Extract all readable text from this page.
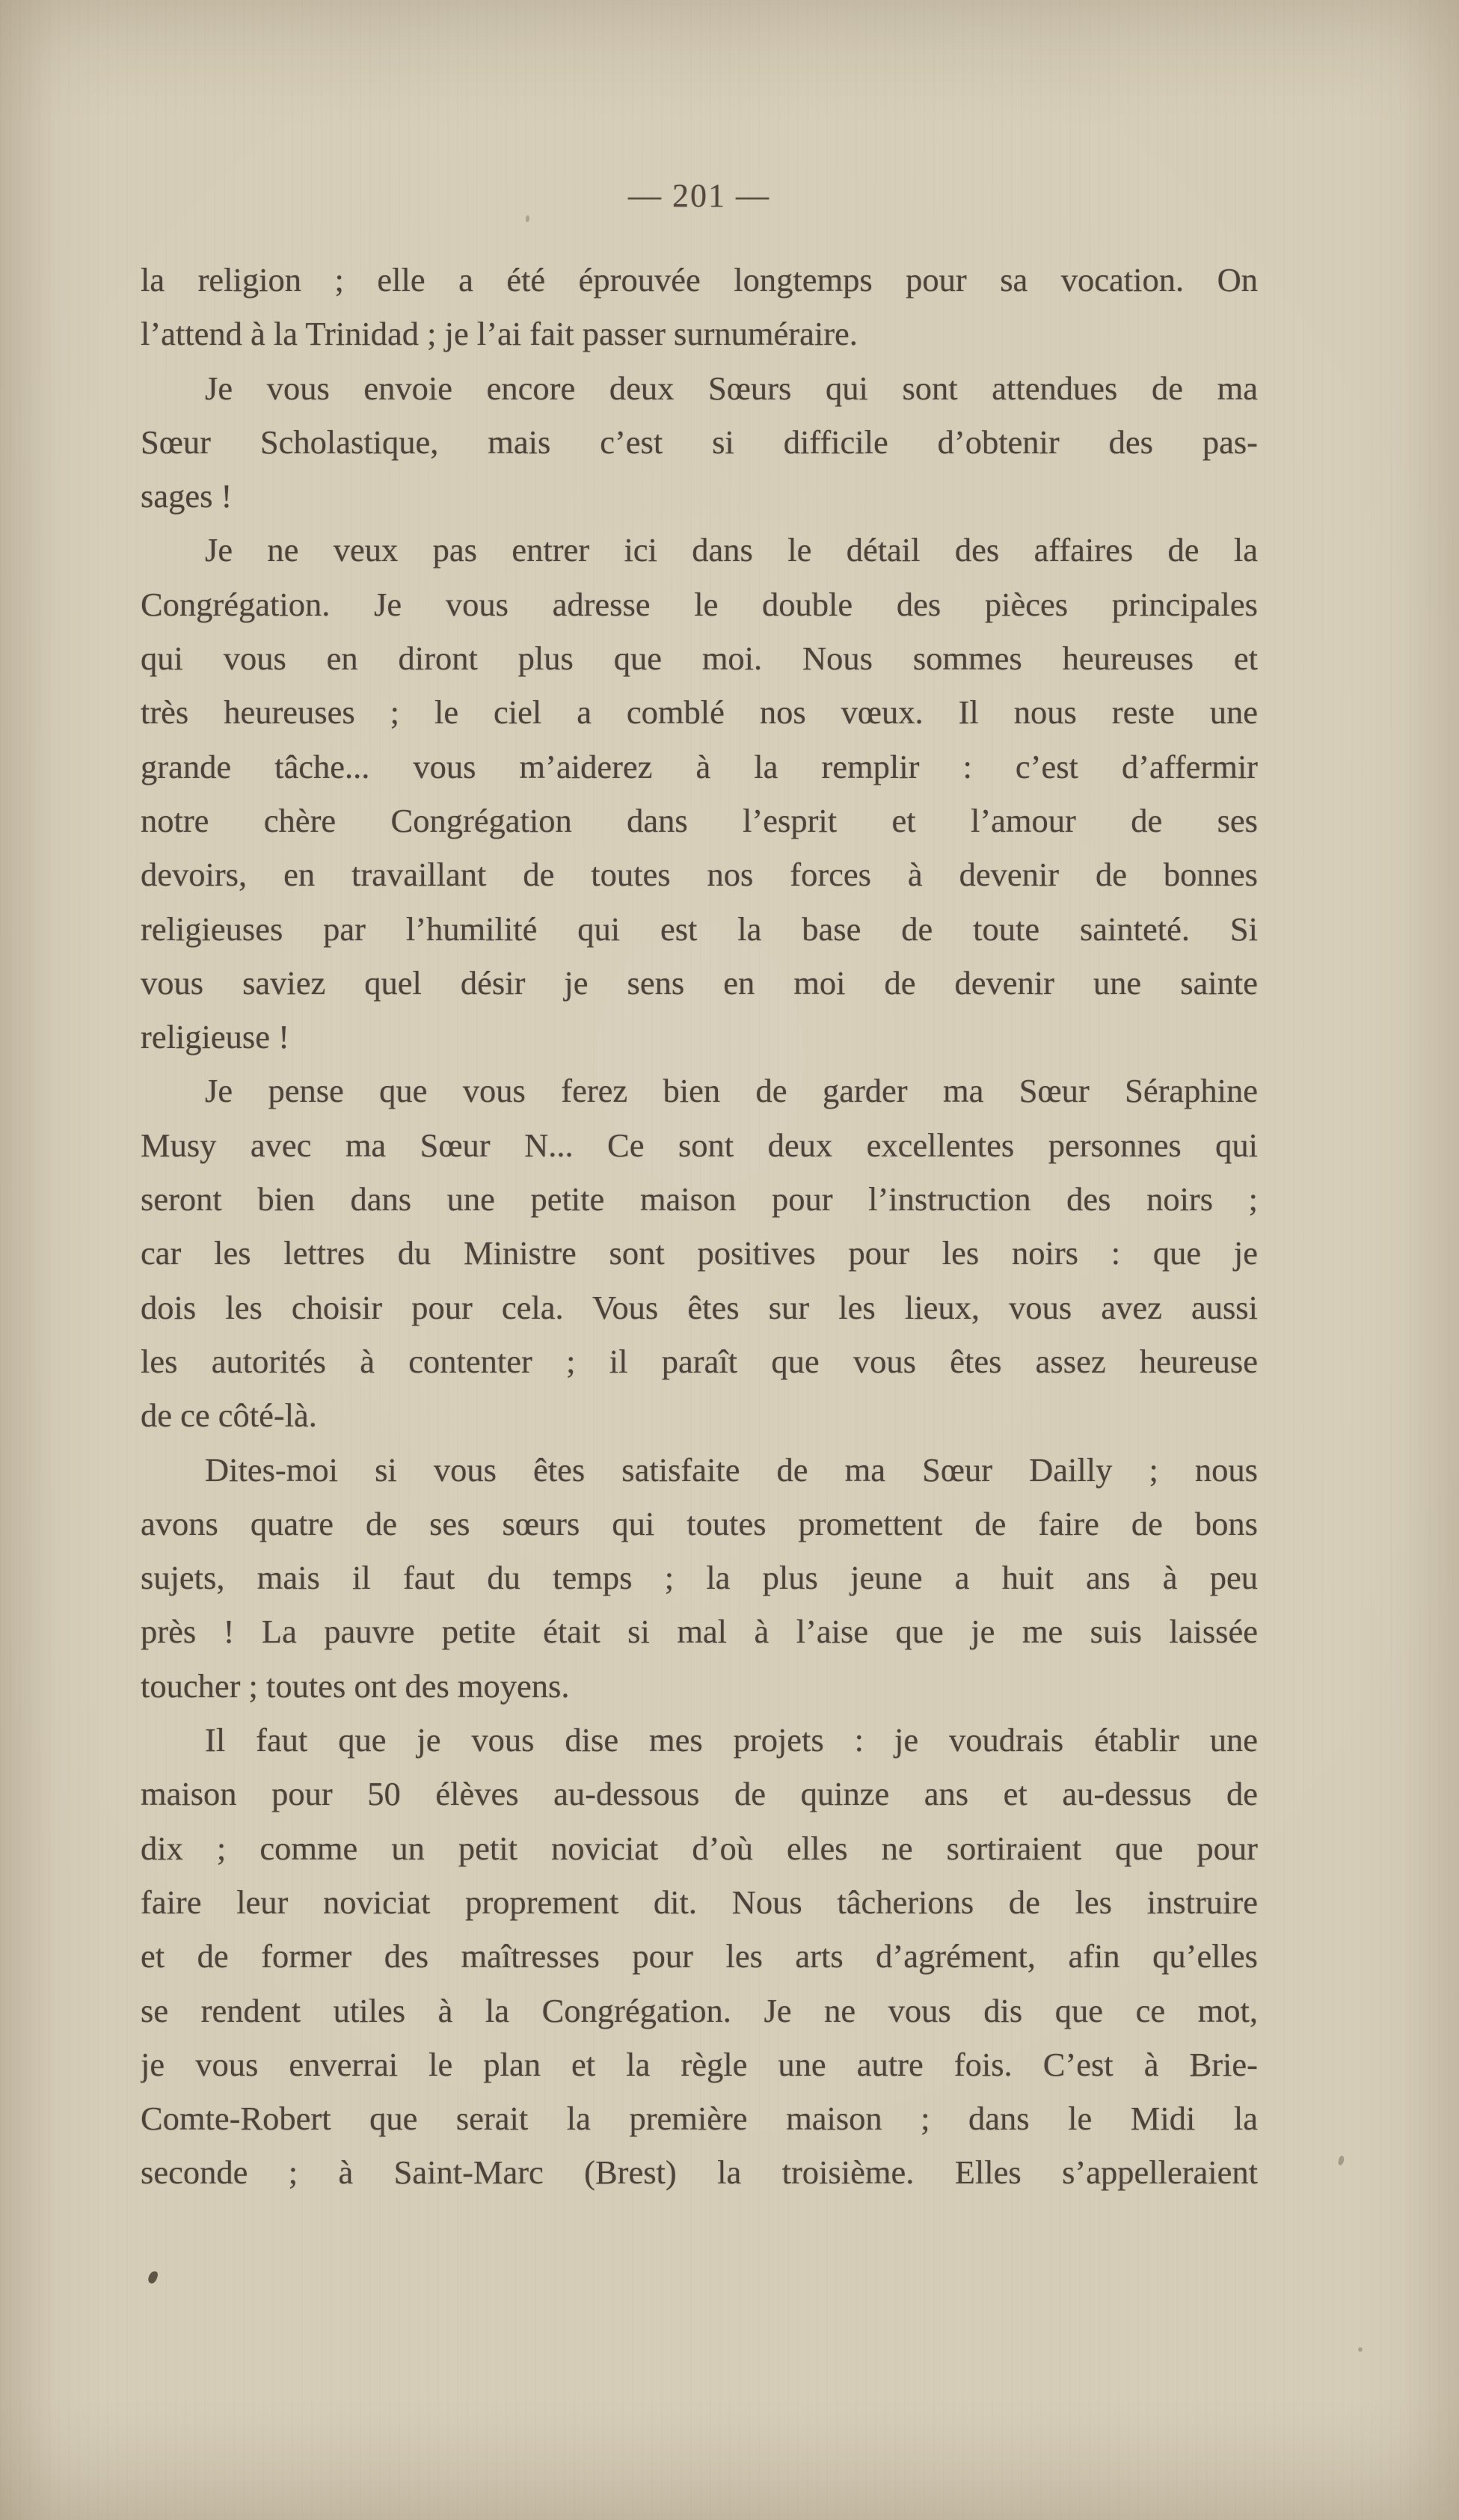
— 201 —
la religion ; elle a été éprouvée longtemps pour sa vocation. On
l’attend à la Trinidad ; je l’ai fait passer surnuméraire.
Je vous envoie encore deux Sœurs qui sont attendues de ma
Sœur Scholastique, mais c’est si difficile d’obtenir des pas-
sages !
Je ne veux pas entrer ici dans le détail des affaires de la
Congrégation. Je vous adresse le double des pièces principales
qui vous en diront plus que moi. Nous sommes heureuses et
très heureuses ; le ciel a comblé nos vœux. Il nous reste une
grande tâche... vous m’aiderez à la remplir : c’est d’affermir
notre chère Congrégation dans l’esprit et l’amour de ses
devoirs, en travaillant de toutes nos forces à devenir de bonnes
religieuses par l’humilité qui est la base de toute sainteté. Si
vous saviez quel désir je sens en moi de devenir une sainte
religieuse !
Je pense que vous ferez bien de garder ma Sœur Séraphine
Musy avec ma Sœur N... Ce sont deux excellentes personnes qui
seront bien dans une petite maison pour l’instruction des noirs ;
car les lettres du Ministre sont positives pour les noirs : que je
dois les choisir pour cela. Vous êtes sur les lieux, vous avez aussi
les autorités à contenter ; il paraît que vous êtes assez heureuse
de ce côté-là.
Dites-moi si vous êtes satisfaite de ma Sœur Dailly ; nous
avons quatre de ses sœurs qui toutes promettent de faire de bons
sujets, mais il faut du temps ; la plus jeune a huit ans à peu
près ! La pauvre petite était si mal à l’aise que je me suis laissée
toucher ; toutes ont des moyens.
Il faut que je vous dise mes projets : je voudrais établir une
maison pour 50 élèves au-dessous de quinze ans et au-dessus de
dix ; comme un petit noviciat d’où elles ne sortiraient que pour
faire leur noviciat proprement dit. Nous tâcherions de les instruire
et de former des maîtresses pour les arts d’agrément, afin qu’elles
se rendent utiles à la Congrégation. Je ne vous dis que ce mot,
je vous enverrai le plan et la règle une autre fois. C’est à Brie-
Comte-Robert que serait la première maison ; dans le Midi la
seconde ; à Saint-Marc (Brest) la troisième. Elles s’appelleraient
